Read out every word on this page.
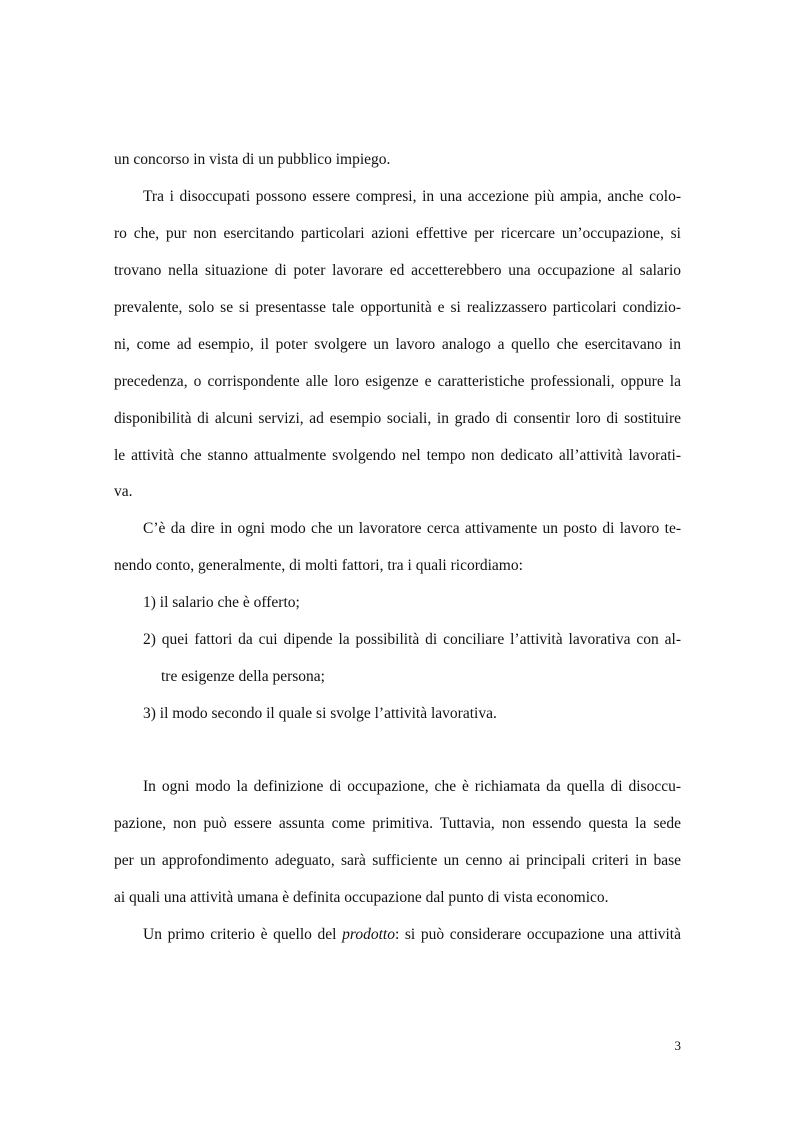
un concorso in vista di un pubblico impiego.
Tra i disoccupati possono essere compresi, in una accezione più ampia, anche colo-
ro che, pur non esercitando particolari azioni effettive per ricercare un’occupazione, si
trovano nella situazione di poter lavorare ed accetterebbero una occupazione al salario
prevalente, solo se si presentasse tale opportunità e si realizzassero particolari condizio-
ni, come ad esempio, il poter svolgere un lavoro analogo a quello che esercitavano in
precedenza, o corrispondente alle loro esigenze e caratteristiche professionali, oppure la
disponibilità di alcuni servizi, ad esempio sociali, in grado di consentir loro di sostituire
le attività che stanno attualmente svolgendo nel tempo non dedicato all’attività lavorati-
va.
C’è da dire in ogni modo che un lavoratore cerca attivamente un posto di lavoro te-
nendo conto, generalmente, di molti fattori, tra i quali ricordiamo:
1) il salario che è offerto;
2) quei fattori da cui dipende la possibilità di conciliare l’attività lavorativa con al-
tre esigenze della persona;
3) il modo secondo il quale si svolge l’attività lavorativa.
In ogni modo la definizione di occupazione, che è richiamata da quella di disoccu-
pazione, non può essere assunta come primitiva. Tuttavia, non essendo questa la sede
per un approfondimento adeguato, sarà sufficiente un cenno ai principali criteri in base
ai quali una attività umana è definita occupazione dal punto di vista economico.
Un primo criterio è quello del prodotto: si può considerare occupazione una attività
3
